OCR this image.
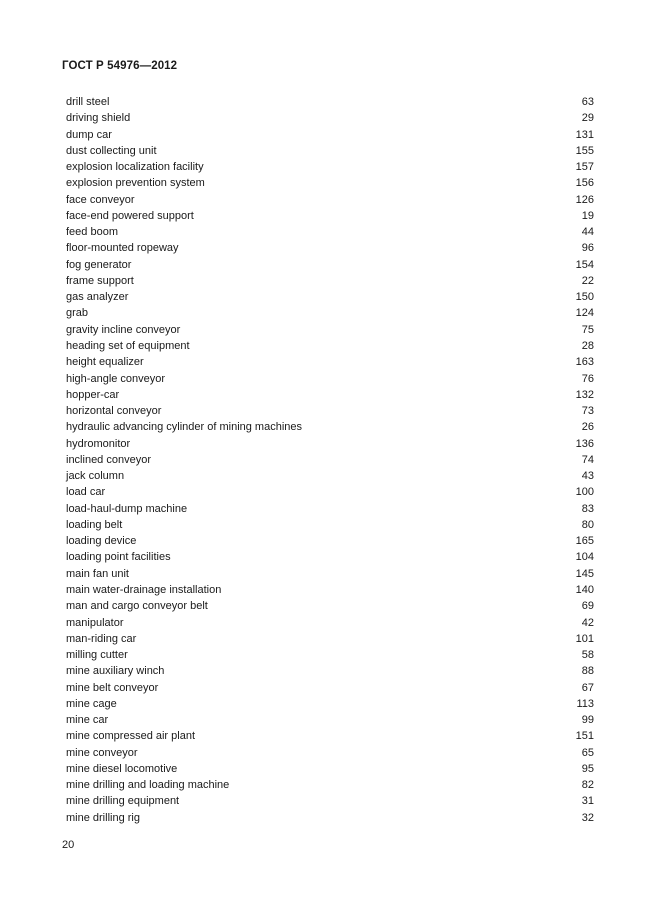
ГОСТ Р 54976—2012
drill steel	63
driving shield	29
dump car	131
dust collecting unit	155
explosion localization facility	157
explosion prevention system	156
face conveyor	126
face-end powered support	19
feed boom	44
floor-mounted ropeway	96
fog generator	154
frame support	22
gas analyzer	150
grab	124
gravity incline conveyor	75
heading set of equipment	28
height equalizer	163
high-angle conveyor	76
hopper-car	132
horizontal conveyor	73
hydraulic advancing cylinder of mining machines	26
hydromonitor	136
inclined conveyor	74
jack column	43
load car	100
load-haul-dump machine	83
loading belt	80
loading device	165
loading point facilities	104
main fan unit	145
main water-drainage installation	140
man and cargo conveyor belt	69
manipulator	42
man-riding car	101
milling cutter	58
mine auxiliary winch	88
mine belt conveyor	67
mine cage	113
mine car	99
mine compressed air plant	151
mine conveyor	65
mine diesel locomotive	95
mine drilling and loading machine	82
mine drilling equipment	31
mine drilling rig	32
20
